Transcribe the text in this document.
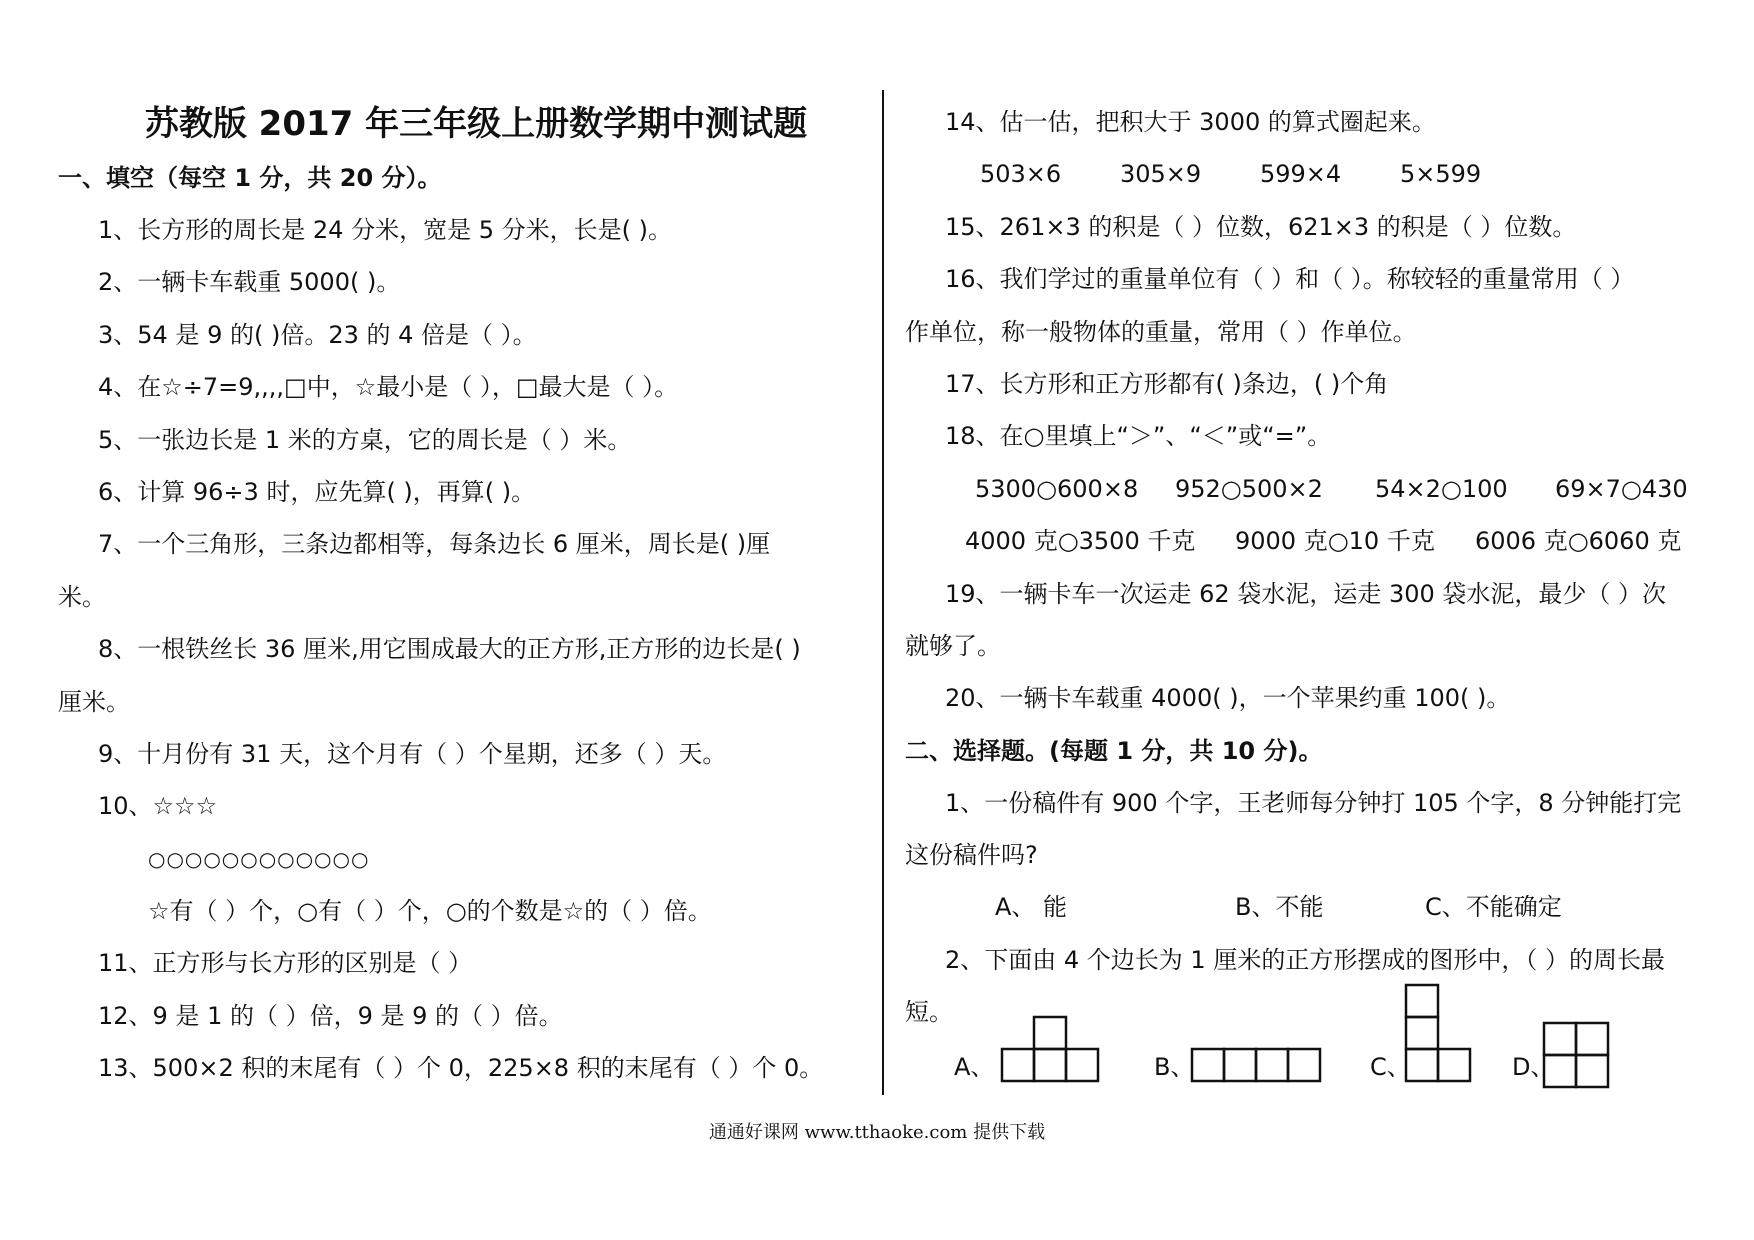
苏教版 2017 年三年级上册数学期中测试题
一、填空（每空 1 分，共 20 分）。
1、长方形的周长是 24 分米，宽是 5 分米，长是( )。
2、一辆卡车载重 5000( )。
3、54 是 9 的( )倍。23 的 4 倍是（ ）。
4、在☆÷7=9,,,,□中，☆最小是（ ），□最大是（ ）。
5、一张边长是 1 米的方桌，它的周长是（ ）米。
6、计算 96÷3 时，应先算( )，再算( )。
7、一个三角形，三条边都相等，每条边长 6 厘米，周长是( )厘
米。
8、一根铁丝长 36 厘米,用它围成最大的正方形,正方形的边长是( )
厘米。
9、十月份有 31 天，这个月有（ ）个星期，还多（ ）天。
10、☆☆☆
○○○○○○○○○○○○
☆有（ ）个，○有（ ）个，○的个数是☆的（ ）倍。
11、正方形与长方形的区别是（ ）
12、9 是 1 的（ ）倍，9 是 9 的（ ）倍。
13、500×2 积的末尾有（ ）个 0，225×8 积的末尾有（ ）个 0。
14、估一估，把积大于 3000 的算式圈起来。
503×6	305×9	599×4	5×599
15、261×3 的积是（ ）位数，621×3 的积是（ ）位数。
16、我们学过的重量单位有（ ）和（ ）。称较轻的重量常用（ ）
作单位，称一般物体的重量，常用（ ）作单位。
17、长方形和正方形都有( )条边，( )个角
18、在○里填上“＞”、“＜”或“=”。
5300○600×8	952○500×2	54×2○100	69×7○430
4000 克○3500 千克	9000 克○10 千克	6006 克○6060 克
19、一辆卡车一次运走 62 袋水泥，运走 300 袋水泥，最少（ ）次
就够了。
20、一辆卡车载重 4000( )，一个苹果约重 100( )。
二、选择题。(每题 1 分，共 10 分)。
1、一份稿件有 900 个字，王老师每分钟打 105 个字，8 分钟能打完
这份稿件吗?
A、 能	B、不能	C、不能确定
2、下面由 4 个边长为 1 厘米的正方形摆成的图形中，（ ）的周长最
短。
A、	B、	C、	D、
通通好课网 www.tthaoke.com 提供下载
